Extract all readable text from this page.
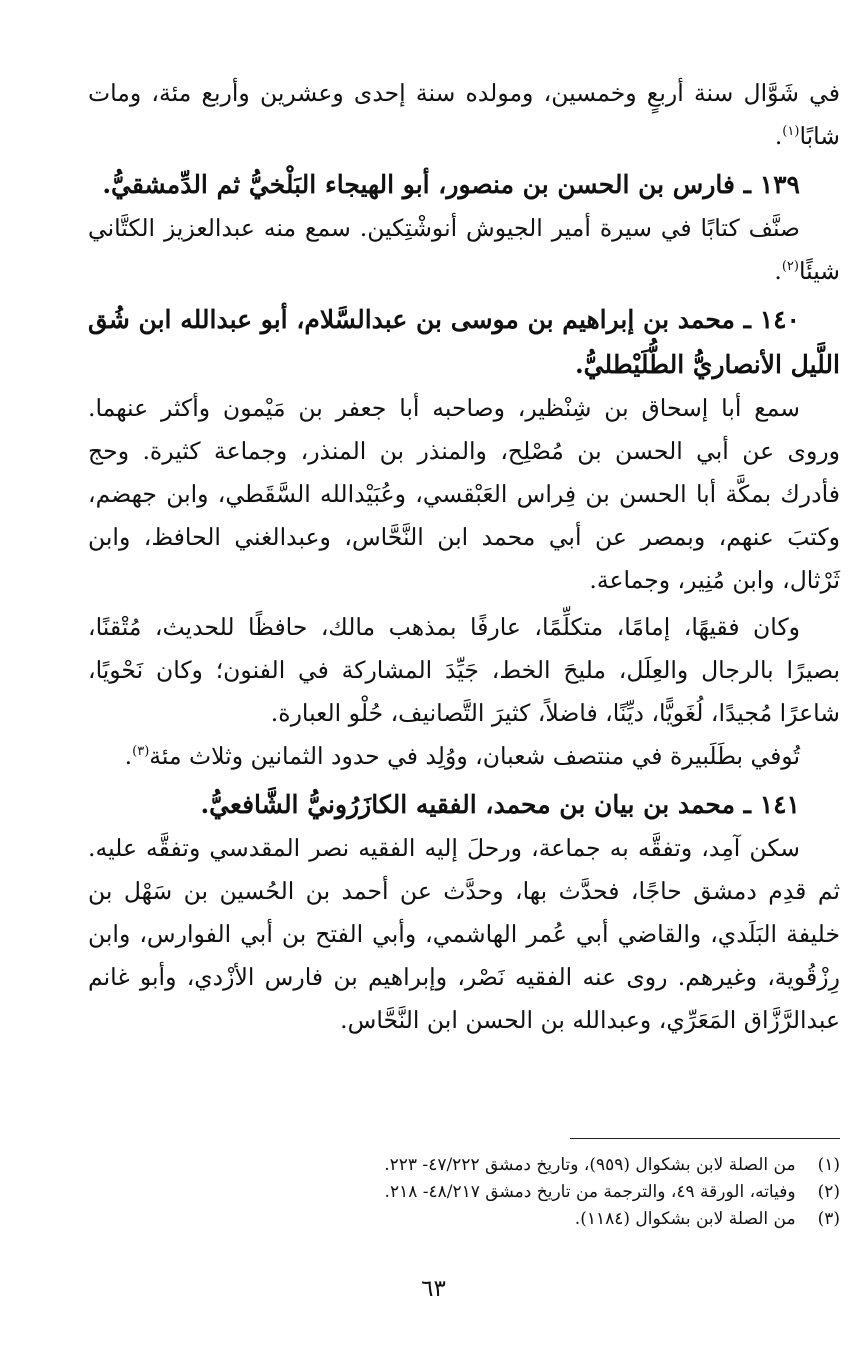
في شَوَّال سنة أربعٍ وخمسين، ومولده سنة إحدى وعشرين وأربع مئة، ومات شابًا$^{(١)}$.

١٣٩ ـ فارس بن الحسن بن منصور، أبو الهيجاء البَلْخيُّ ثم الدِّمشقيُّ.

صنَّف كتابًا في سيرة أمير الجيوش أنوشْتِكين. سمع منه عبدالعزيز الكتَّاني شيئًا$^{(٢)}$.

١٤٠ ـ محمد بن إبراهيم بن موسى بن عبدالسَّلام، أبو عبدالله ابن شُق اللَّيل الأنصاريُّ الطُّلَيْطليُّ.

سمع أبا إسحاق بن شِنْظير، وصاحبه أبا جعفر بن مَيْمون وأكثر عنهما. وروى عن أبي الحسن بن مُصْلِح، والمنذر بن المنذر، وجماعة كثيرة. وحج فأدرك بمكَّة أبا الحسن بن فِراس العَبْقسي، وعُبَيْدالله السَّقَطي، وابن جهضم، وكتبَ عنهم، وبمصر عن أبي محمد ابن النَّحَّاس، وعبدالغني الحافظ، وابن ثَرْثال، وابن مُنِير، وجماعة.

وكان فقيهًا، إمامًا، متكلِّمًا، عارفًا بمذهب مالك، حافظًا للحديث، مُتْقنًا، بصيرًا بالرجال والعِلَل، مليحَ الخط، جَيِّدَ المشاركة في الفنون؛ وكان نَحْويًا، شاعرًا مُجيدًا، لُغَويًّا، ديِّنًا، فاضلاً، كثيرَ التَّصانيف، حُلْو العبارة.

تُوفي بطَلَبيرة في منتصف شعبان، ووُلِد في حدود الثمانين وثلاث مئة$^{(٣)}$.

١٤١ ـ محمد بن بيان بن محمد، الفقيه الكازَرُونيُّ الشَّافعيُّ.

سكن آمِد، وتفقَّه به جماعة، ورحلَ إليه الفقيه نصر المقدسي وتفقَّه عليه. ثم قدِم دمشق حاجًا، فحدَّث بها، وحدَّث عن أحمد بن الحُسين بن سَهْل بن خليفة البَلَدي، والقاضي أبي عُمر الهاشمي، وأبي الفتح بن أبي الفوارس، وابن رِزْقُوية، وغيرهم. روى عنه الفقيه نَصْر، وإبراهيم بن فارس الأزْدي، وأبو غانم عبدالرَّزَّاق المَعَرِّي، وعبدالله بن الحسن ابن النَّحَّاس.

(١)من الصلة لابن بشكوال (٩٥٩)، وتاريخ دمشق ٤٧/٢٢٢- ٢٢٣.

(٢)وفياته، الورقة ٤٩، والترجمة من تاريخ دمشق ٤٨/٢١٧- ٢١٨.

(٣)من الصلة لابن بشكوال (١١٨٤).

٦٣
